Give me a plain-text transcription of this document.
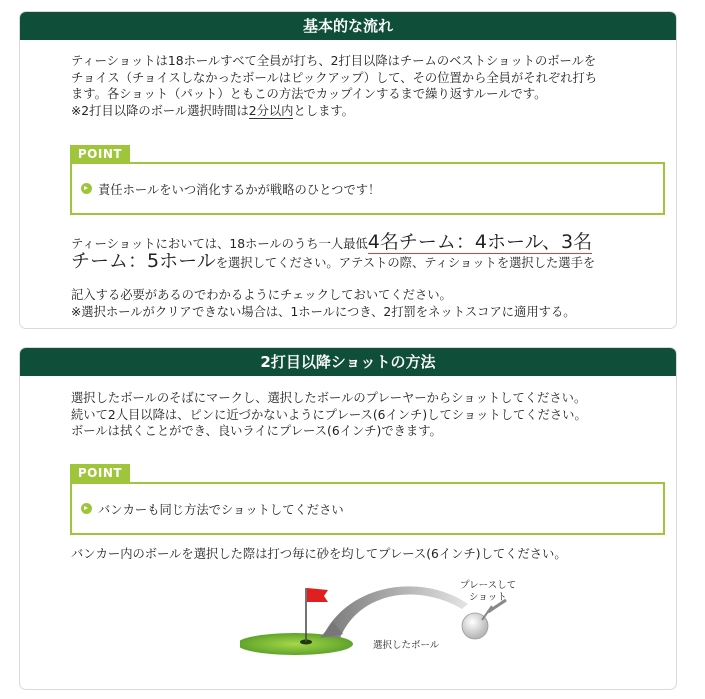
基本的な流れ
ティーショットは18ホールすべて全員が打ち、2打目以降はチームのベストショットのボールを
チョイス（チョイスしなかったボールはピックアップ）して、その位置から全員がそれぞれ打ち
ます。各ショット（パット）ともこの方法でカップインするまで繰り返すルールです。
※2打目以降のボール選択時間は2分以内とします。
POINT
責任ホールをいつ消化するかが戦略のひとつです！
ティーショットにおいては、18ホールのうち一人最低4名チーム：4ホール、3名
チーム：5ホールを選択してください。アテストの際、ティショットを選択した選手を
記入する必要があるのでわかるようにチェックしておいてください。
※選択ホールがクリアできない場合は、1ホールにつき、2打罰をネットスコアに適用する。
2打目以降ショットの方法
選択したボールのそばにマークし、選択したボールのプレーヤーからショットしてください。
続いて2人目以降は、ピンに近づかないようにプレース(6インチ)してショットしてください。
ボールは拭くことができ、良いライにプレース(6インチ)できます。
POINT
バンカーも同じ方法でショットしてください
バンカー内のボールを選択した際は打つ毎に砂を均してプレース(6インチ)してください。
プレースして
ショット
選択したボール
